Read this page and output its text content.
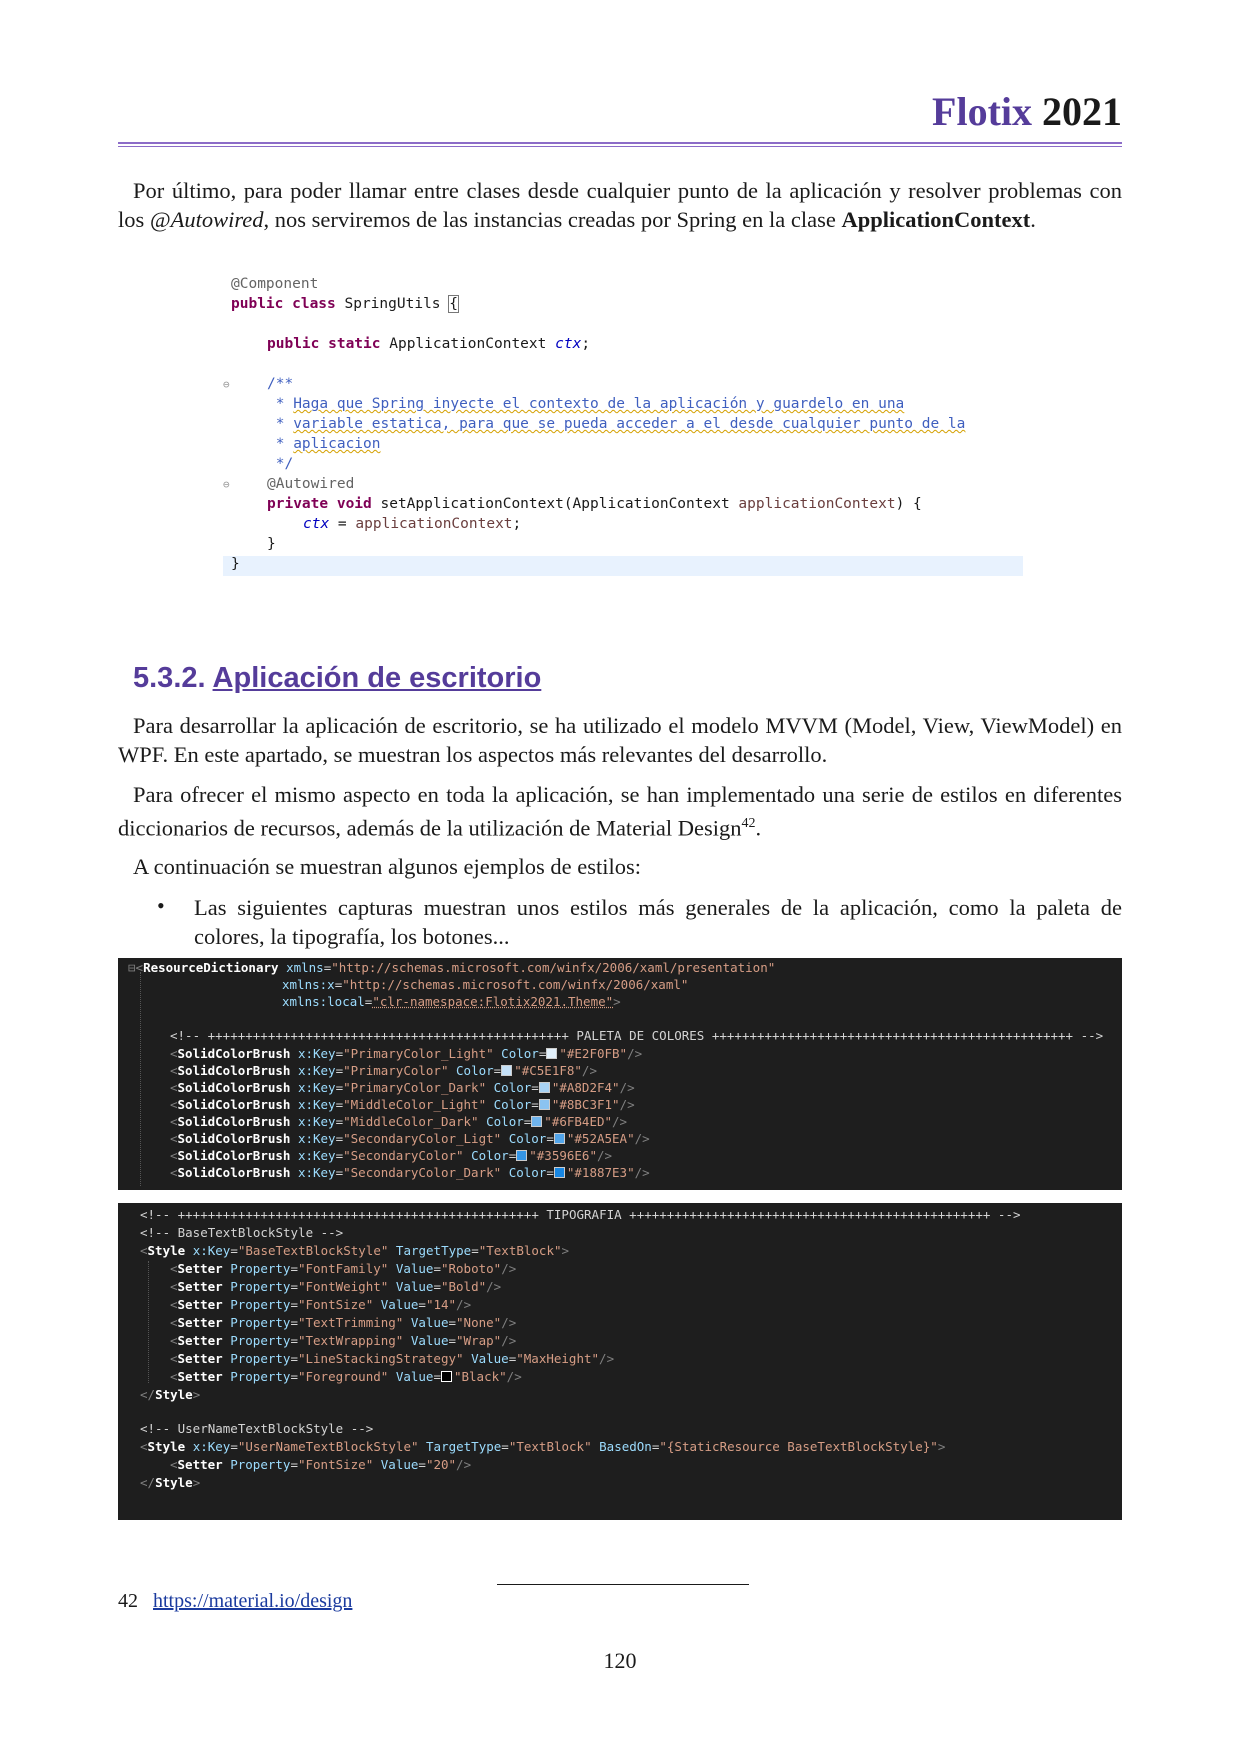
Flotix 2021
Por último, para poder llamar entre clases desde cualquier punto de la aplicación y resolver problemas con los @Autowired, nos serviremos de las instancias creadas por Spring en la clase ApplicationContext.
@Component
public class SpringUtils {
public static ApplicationContext ctx;
⊖	/**
* Haga que Spring inyecte el contexto de la aplicación y guardelo en una
* variable estatica, para que se pueda acceder a el desde cualquier punto de la
* aplicacion
*/
⊖	@Autowired
private void setApplicationContext(ApplicationContext applicationContext) {
ctx = applicationContext;
}
}
5.3.2. Aplicación de escritorio
Para desarrollar la aplicación de escritorio, se ha utilizado el modelo MVVM (Model, View, ViewModel) en WPF. En este apartado, se muestran los aspectos más relevantes del desarrollo.
Para ofrecer el mismo aspecto en toda la aplicación, se han implementado una serie de estilos en diferentes diccionarios de recursos, además de la utilización de Material Design$^{42}$.
A continuación se muestran algunos ejemplos de estilos:
• Las siguientes capturas muestran unos estilos más generales de la aplicación, como la paleta de colores, la tipografía, los botones...
⊟<ResourceDictionary xmlns="http://schemas.microsoft.com/winfx/2006/xaml/presentation"
xmlns:x="http://schemas.microsoft.com/winfx/2006/xaml"
xmlns:local="clr-namespace:Flotix2021.Theme">
<!-- ++++++++++++++++++++++++++++++++++++++++++++++++ PALETA DE COLORES ++++++++++++++++++++++++++++++++++++++++++++++++ -->
<SolidColorBrush x:Key="PrimaryColor_Light" Color= "#E2F0FB"/>
<SolidColorBrush x:Key="PrimaryColor" Color= "#C5E1F8"/>
<SolidColorBrush x:Key="PrimaryColor_Dark" Color= "#A8D2F4"/>
<SolidColorBrush x:Key="MiddleColor_Light" Color= "#8BC3F1"/>
<SolidColorBrush x:Key="MiddleColor_Dark" Color= "#6FB4ED"/>
<SolidColorBrush x:Key="SecondaryColor_Ligt" Color= "#52A5EA"/>
<SolidColorBrush x:Key="SecondaryColor" Color= "#3596E6"/>
<SolidColorBrush x:Key="SecondaryColor_Dark" Color= "#1887E3"/>
<!-- ++++++++++++++++++++++++++++++++++++++++++++++++ TIPOGRAFIA ++++++++++++++++++++++++++++++++++++++++++++++++ -->
<!-- BaseTextBlockStyle -->
<Style x:Key="BaseTextBlockStyle" TargetType="TextBlock">
<Setter Property="FontFamily" Value="Roboto"/>
<Setter Property="FontWeight" Value="Bold"/>
<Setter Property="FontSize" Value="14"/>
<Setter Property="TextTrimming" Value="None"/>
<Setter Property="TextWrapping" Value="Wrap"/>
<Setter Property="LineStackingStrategy" Value="MaxHeight"/>
<Setter Property="Foreground" Value= "Black"/>
</Style>
<!-- UserNameTextBlockStyle -->
<Style x:Key="UserNameTextBlockStyle" TargetType="TextBlock" BasedOn="{StaticResource BaseTextBlockStyle}">
<Setter Property="FontSize" Value="20"/>
</Style>
42 https://material.io/design
120
